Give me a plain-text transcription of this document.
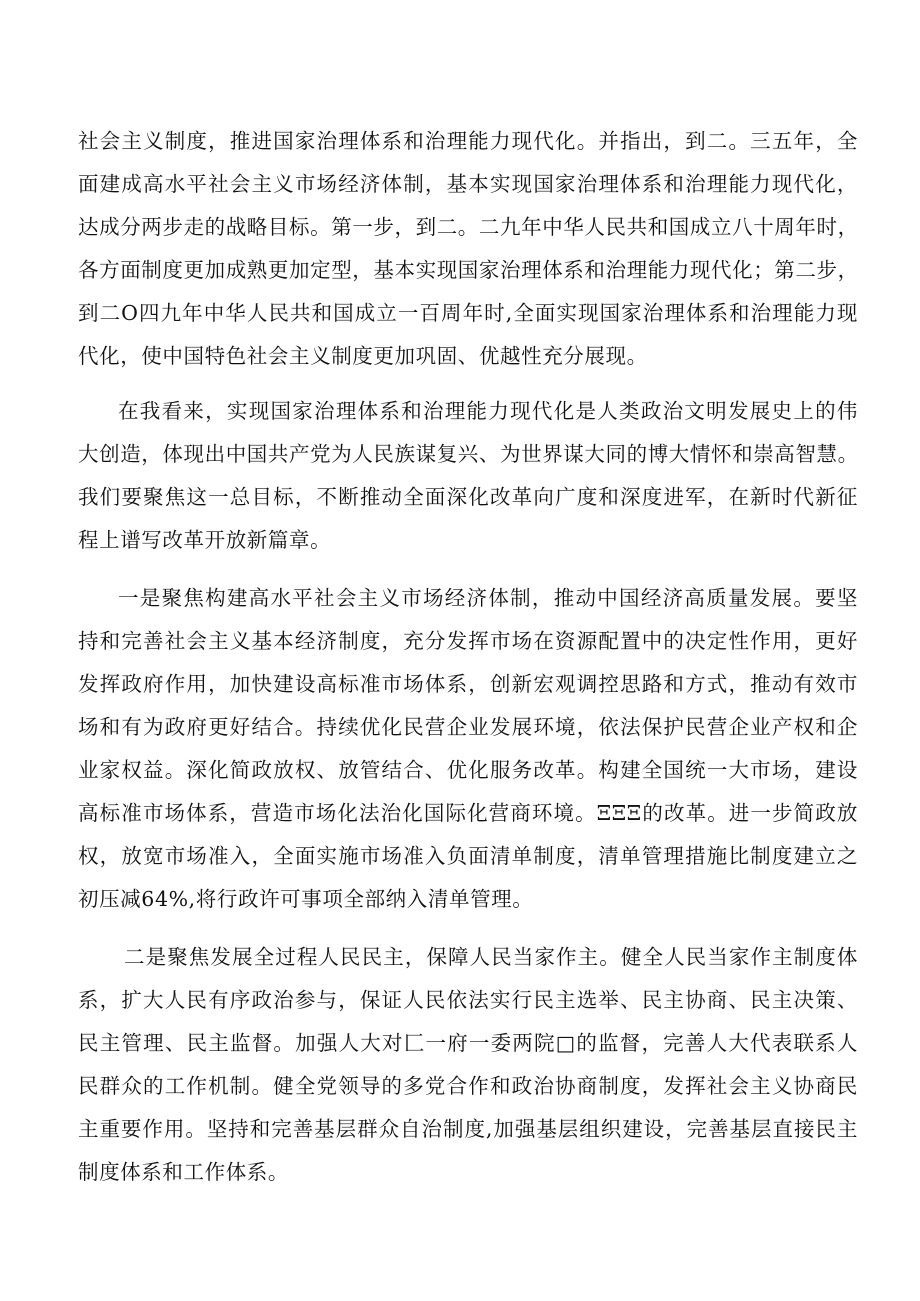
社会主义制度，推进国家治理体系和治理能力现代化。并指出，到二。三五年，全
面建成高水平社会主义市场经济体制，基本实现国家治理体系和治理能力现代化，
达成分两步走的战略目标。第一步，到二。二九年中华人民共和国成立八十周年时，
各方面制度更加成熟更加定型，基本实现国家治理体系和治理能力现代化；第二步，
到二O四九年中华人民共和国成立一百周年时,全面实现国家治理体系和治理能力现
代化，使中国特色社会主义制度更加巩固、优越性充分展现。
在我看来，实现国家治理体系和治理能力现代化是人类政治文明发展史上的伟
大创造，体现出中国共产党为人民族谋复兴、为世界谋大同的博大情怀和崇高智慧。
我们要聚焦这一总目标，不断推动全面深化改革向广度和深度进军，在新时代新征
程上谱写改革开放新篇章。
一是聚焦构建高水平社会主义市场经济体制，推动中国经济高质量发展。要坚
持和完善社会主义基本经济制度，充分发挥市场在资源配置中的决定性作用，更好
发挥政府作用，加快建设高标准市场体系，创新宏观调控思路和方式，推动有效市
场和有为政府更好结合。持续优化民营企业发展环境，依法保护民营企业产权和企
业家权益。深化简政放权、放管结合、优化服务改革。构建全国统一大市场，建设
高标准市场体系，营造市场化法治化国际化营商环境。ΞΞΞ的改革。进一步简政放
权，放宽市场准入，全面实施市场准入负面清单制度，清单管理措施比制度建立之
初压减64%,将行政许可事项全部纳入清单管理。
二是聚焦发展全过程人民民主，保障人民当家作主。健全人民当家作主制度体
系，扩大人民有序政治参与，保证人民依法实行民主选举、民主协商、民主决策、
民主管理、民主监督。加强人大对匚一府一委两院□的监督，完善人大代表联系人
民群众的工作机制。健全党领导的多党合作和政治协商制度，发挥社会主义协商民
主重要作用。坚持和完善基层群众自治制度,加强基层组织建设，完善基层直接民主
制度体系和工作体系。
